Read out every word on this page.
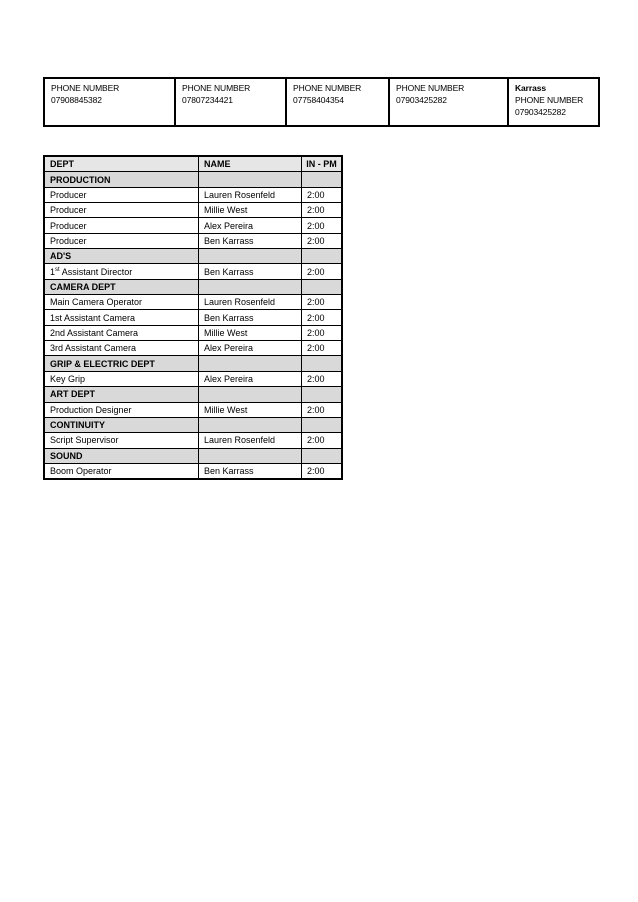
PHONE NUMBER 07908845382
PHONE NUMBER
07807234421
PHONE NUMBER
07758404354
PHONE NUMBER
07903425282
Karrass
PHONE NUMBER
07903425282
DEPT	NAME	IN - PM
PRODUCTION		
Producer	Lauren Rosenfeld	2:00
Producer	Millie West	2:00
Producer	Alex Pereira	2:00
Producer	Ben Karrass	2:00
AD'S		
1st Assistant Director	Ben Karrass	2:00
CAMERA DEPT		
Main Camera Operator	Lauren Rosenfeld	2:00
1st Assistant Camera	Ben Karrass	2:00
2nd Assistant Camera	Millie West	2:00
3rd Assistant Camera	Alex Pereira	2:00
GRIP & ELECTRIC DEPT		
Key Grip	Alex Pereira	2:00
ART DEPT		
Production Designer	Millie West	2:00
CONTINUITY		
Script Supervisor	Lauren Rosenfeld	2:00
SOUND		
Boom Operator	Ben Karrass	2:00
